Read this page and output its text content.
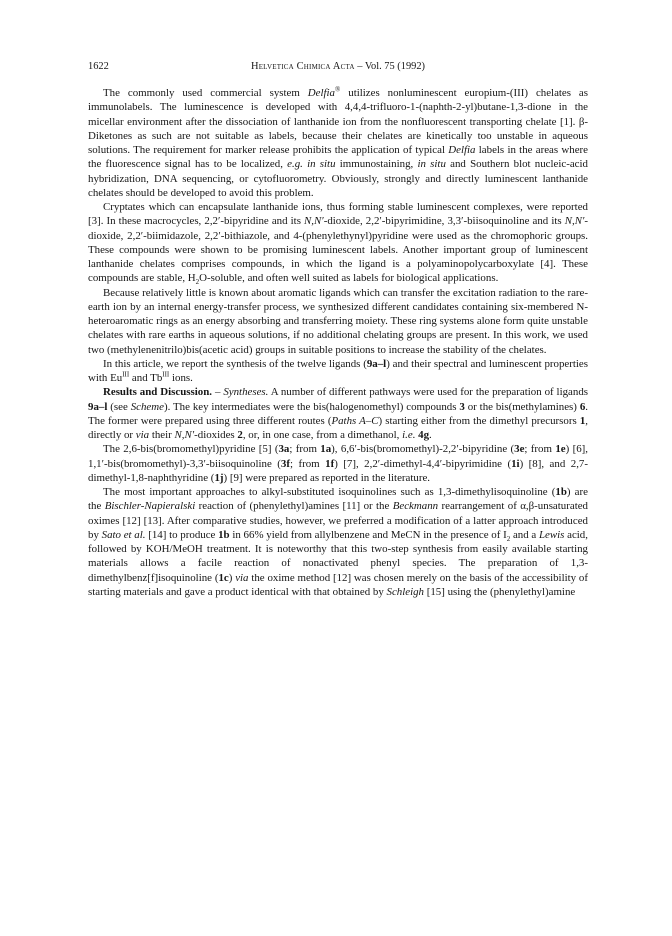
1622	Helvetica Chimica Acta – Vol. 75 (1992)

The commonly used commercial system Delfia® utilizes nonluminescent europium-(III) chelates as immunolabels. The luminescence is developed with 4,4,4-trifluoro-1-(naphth-2-yl)butane-1,3-dione in the micellar environment after the dissociation of lanthanide ion from the nonfluorescent transporting chelate [1]. β-Diketones as such are not suitable as labels, because their chelates are kinetically too unstable in aqueous solutions. The requirement for marker release prohibits the application of typical Delfia labels in the areas where the fluorescence signal has to be localized, e.g. in situ immunostaining, in situ and Southern blot nucleic-acid hybridization, DNA sequencing, or cytofluorometry. Obviously, strongly and directly luminescent lanthanide chelates should be developed to avoid this problem.

Cryptates which can encapsulate lanthanide ions, thus forming stable luminescent complexes, were reported [3]. In these macrocycles, 2,2′-bipyridine and its N,N′-dioxide, 2,2′-bipyrimidine, 3,3′-biisoquinoline and its N,N′-dioxide, 2,2′-biimidazole, 2,2′-bithiazole, and 4-(phenylethynyl)pyridine were used as the chromophoric groups. These compounds were shown to be promising luminescent labels. Another important group of luminescent lanthanide chelates comprises compounds, in which the ligand is a polyaminopolycarboxylate [4]. These compounds are stable, $H_2O$-soluble, and often well suited as labels for biological applications.

Because relatively little is known about aromatic ligands which can transfer the excitation radiation to the rare-earth ion by an internal energy-transfer process, we synthesized different candidates containing six-membered N-heteroaromatic rings as an energy absorbing and transferring moiety. These ring systems alone form quite unstable chelates with rare earths in aqueous solutions, if no additional chelating groups are present. In this work, we used two (methylenenitrilo)bis(acetic acid) groups in suitable positions to increase the stability of the chelates.

In this article, we report the synthesis of the twelve ligands (9a–l) and their spectral and luminescent properties with $Eu^{III}$ and $Tb^{III}$ ions.

Results and Discussion. – Syntheses. A number of different pathways were used for the preparation of ligands 9a–l (see Scheme). The key intermediates were the bis(halogenomethyl) compounds 3 or the bis(methylamines) 6. The former were prepared using three different routes (Paths A–C) starting either from the dimethyl precursors 1, directly or via their N,N′-dioxides 2, or, in one case, from a dimethanol, i.e. 4g.

The 2,6-bis(bromomethyl)pyridine [5] (3a; from 1a), 6,6′-bis(bromomethyl)-2,2′-bipyridine (3e; from 1e) [6], 1,1′-bis(bromomethyl)-3,3′-biisoquinoline (3f; from 1f) [7], 2,2′-dimethyl-4,4′-bipyrimidine (1i) [8], and 2,7-dimethyl-1,8-naphthyridine (1j) [9] were prepared as reported in the literature.

The most important approaches to alkyl-substituted isoquinolines such as 1,3-dimethylisoquinoline (1b) are the Bischler-Napieralski reaction of (phenylethyl)amines [11] or the Beckmann rearrangement of α,β-unsaturated oximes [12] [13]. After comparative studies, however, we preferred a modification of a latter approach introduced by Sato et al. [14] to produce 1b in 66% yield from allylbenzene and MeCN in the presence of $I_2$ and a Lewis acid, followed by KOH/MeOH treatment. It is noteworthy that this two-step synthesis from easily available starting materials allows a facile reaction of nonactivated phenyl species. The preparation of 1,3-dimethylbenz[f]isoquinoline (1c) via the oxime method [12] was chosen merely on the basis of the accessibility of starting materials and gave a product identical with that obtained by Schleigh [15] using the (phenylethyl)amine
